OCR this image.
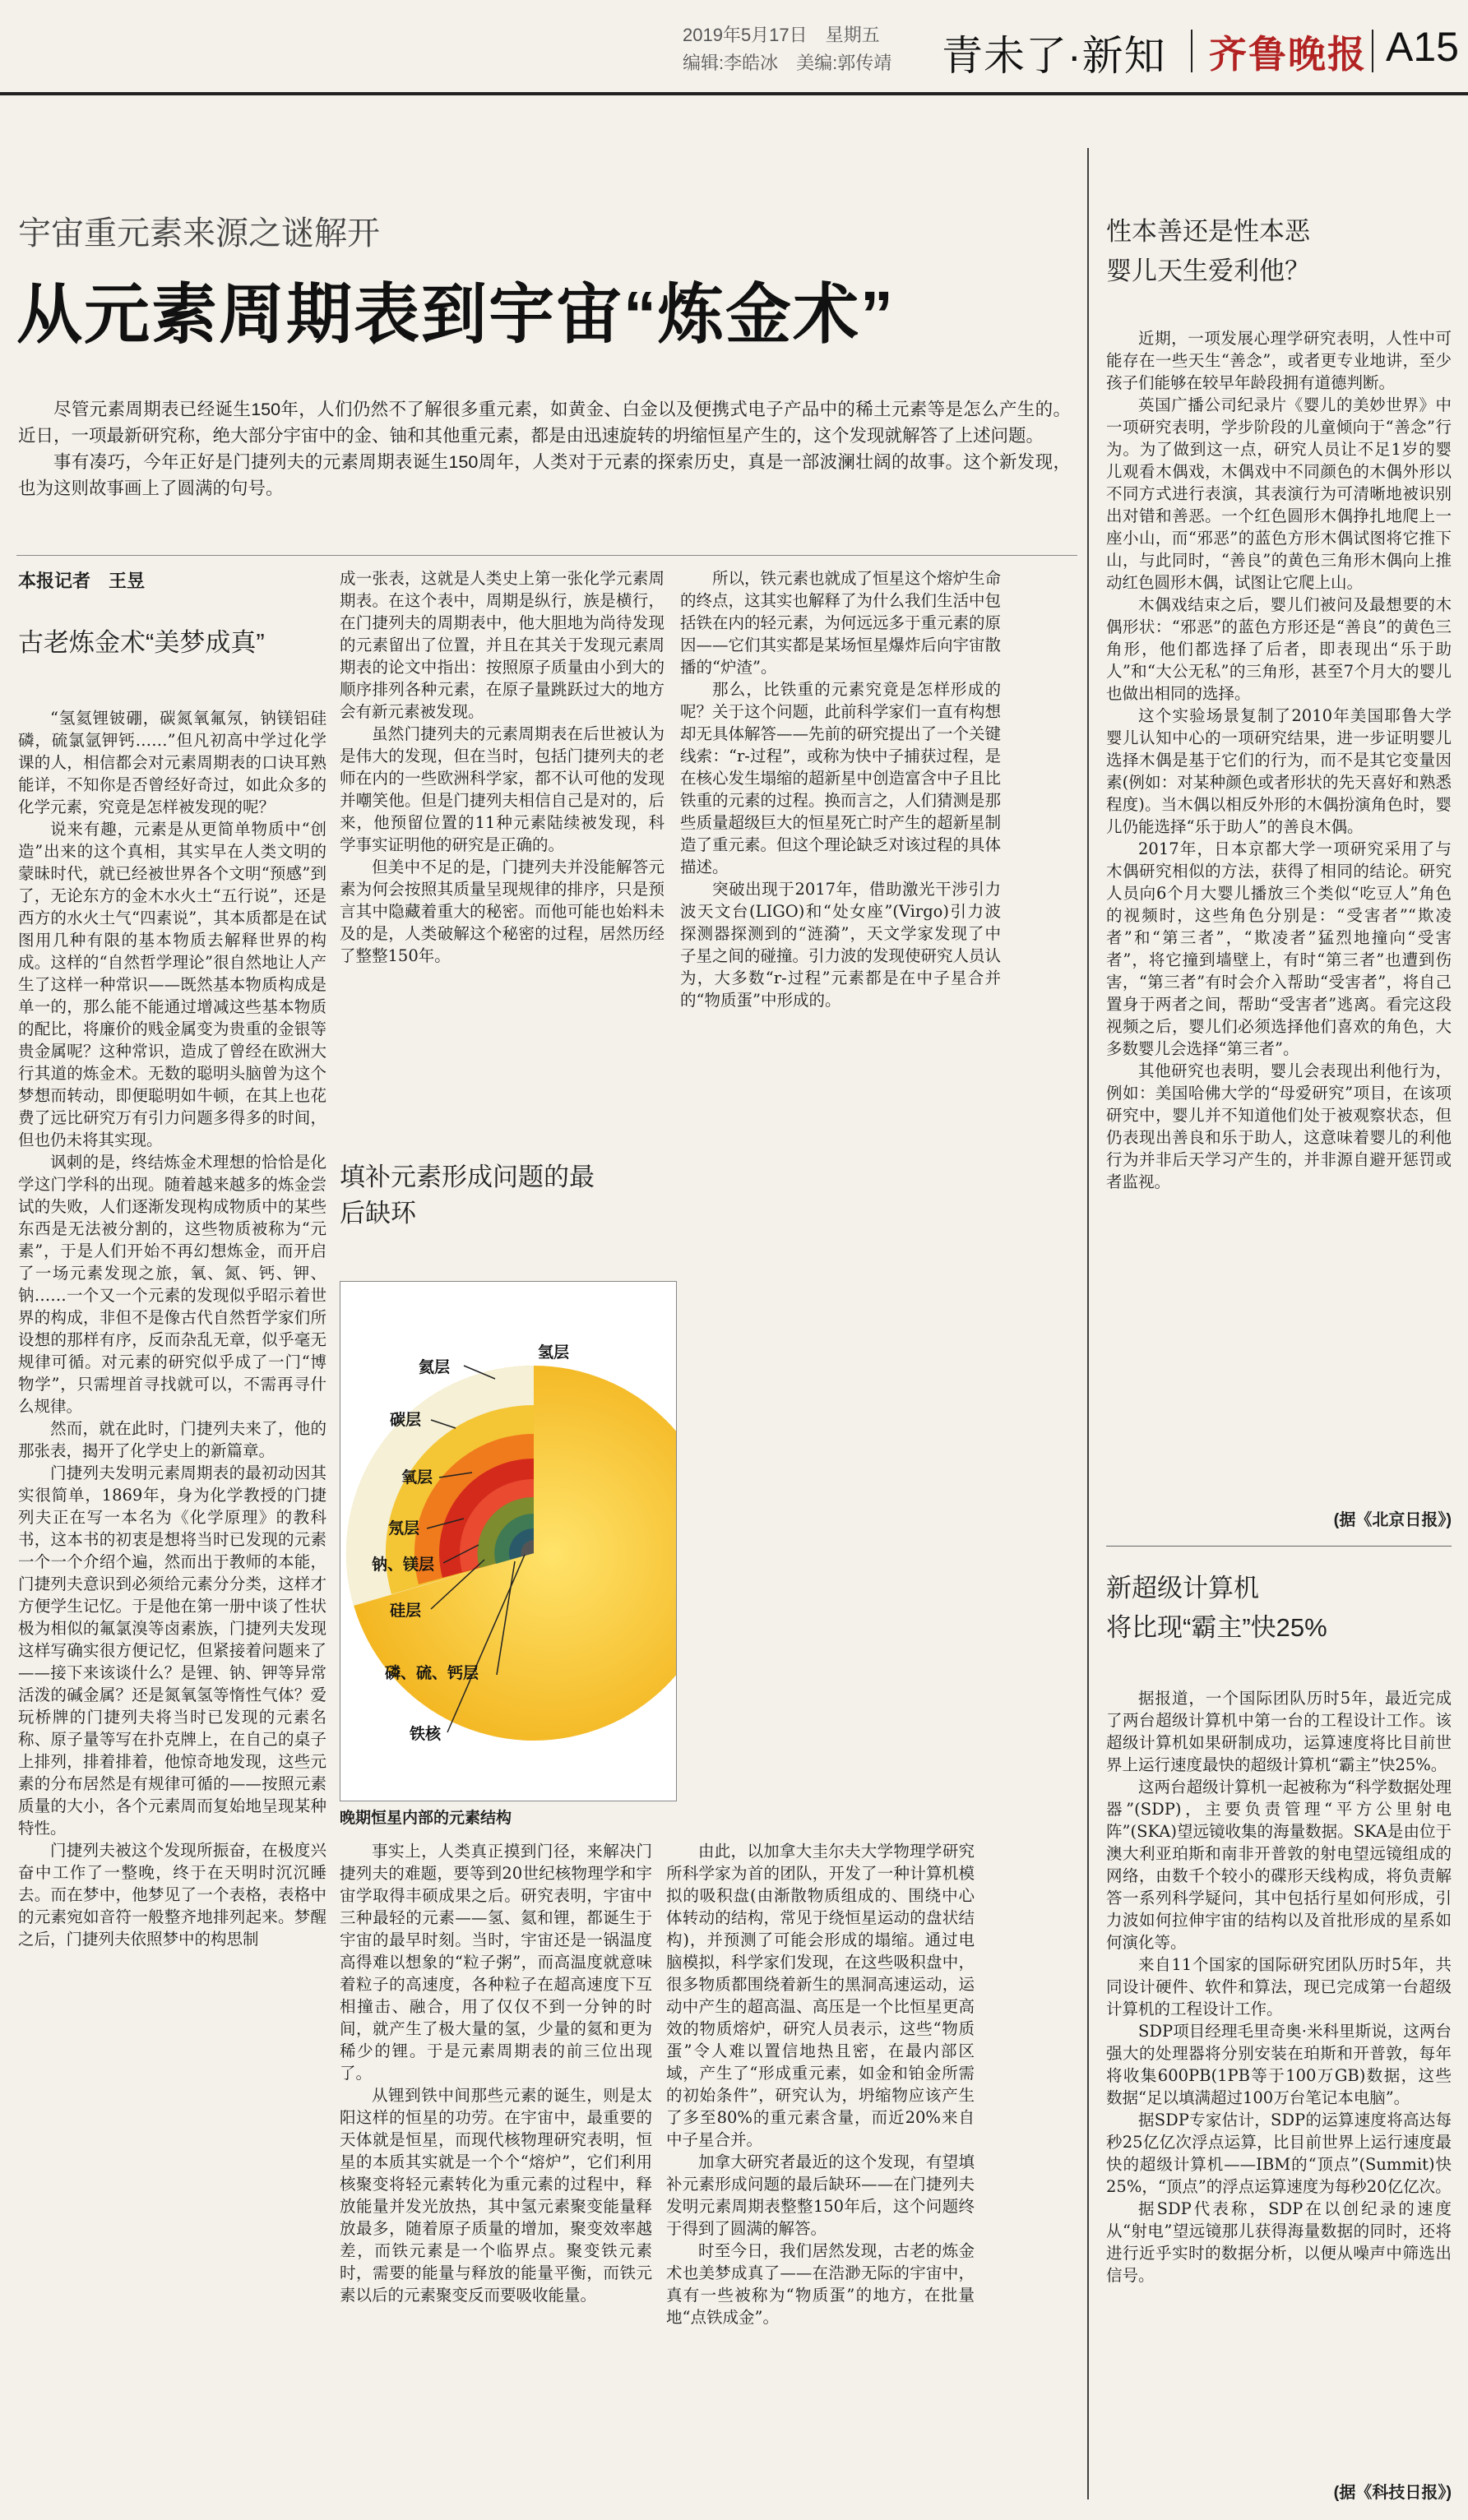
2019年5月17日　星期五
编辑:李皓冰　美编:郭传靖 青未了·新知 齐鲁晚报 A15
宇宙重元素来源之谜解开
从元素周期表到宇宙“炼金术”

尽管元素周期表已经诞生150年，人们仍然不了解很多重元素，如黄金、白金以及便携式电子产品中的稀土元素等是怎么产生的。近日，一项最新研究称，绝大部分宇宙中的金、铀和其他重元素，都是由迅速旋转的坍缩恒星产生的，这个发现就解答了上述问题。

事有凑巧，今年正好是门捷列夫的元素周期表诞生150周年，人类对于元素的探索历史，真是一部波澜壮阔的故事。这个新发现，也为这则故事画上了圆满的句号。

本报记者　王昱
古老炼金术“美梦成真”

“氢氦锂铍硼，碳氮氧氟氖，钠镁铝硅磷，硫氯氩钾钙……”但凡初高中学过化学课的人，相信都会对元素周期表的口诀耳熟能详，不知你是否曾经好奇过，如此众多的化学元素，究竟是怎样被发现的呢？

说来有趣，元素是从更简单物质中“创造”出来的这个真相，其实早在人类文明的蒙昧时代，就已经被世界各个文明“预感”到了，无论东方的金木水火土“五行说”，还是西方的水火土气“四素说”，其本质都是在试图用几种有限的基本物质去解释世界的构成。这样的“自然哲学理论”很自然地让人产生了这样一种常识——既然基本物质构成是单一的，那么能不能通过增减这些基本物质的配比，将廉价的贱金属变为贵重的金银等贵金属呢？这种常识，造成了曾经在欧洲大行其道的炼金术。无数的聪明头脑曾为这个梦想而转动，即便聪明如牛顿，在其上也花费了远比研究万有引力问题多得多的时间，但也仍未将其实现。

讽刺的是，终结炼金术理想的恰恰是化学这门学科的出现。随着越来越多的炼金尝试的失败，人们逐渐发现构成物质中的某些东西是无法被分割的，这些物质被称为“元素”，于是人们开始不再幻想炼金，而开启了一场元素发现之旅，氧、氮、钙、钾、钠……一个又一个元素的发现似乎昭示着世界的构成，非但不是像古代自然哲学家们所设想的那样有序，反而杂乱无章，似乎毫无规律可循。对元素的研究似乎成了一门“博物学”，只需埋首寻找就可以，不需再寻什么规律。

然而，就在此时，门捷列夫来了，他的那张表，揭开了化学史上的新篇章。

门捷列夫发明元素周期表的最初动因其实很简单，1869年，身为化学教授的门捷列夫正在写一本名为《化学原理》的教科书，这本书的初衷是想将当时已发现的元素一个一个介绍个遍，然而出于教师的本能，门捷列夫意识到必须给元素分分类，这样才方便学生记忆。于是他在第一册中谈了性状极为相似的氟氯溴等卤素族，门捷列夫发现这样写确实很方便记忆，但紧接着问题来了——接下来该谈什么？是锂、钠、钾等异常活泼的碱金属？还是氮氧氢等惰性气体？爱玩桥牌的门捷列夫将当时已发现的元素名称、原子量等写在扑克牌上，在自己的桌子上排列，排着排着，他惊奇地发现，这些元素的分布居然是有规律可循的——按照元素质量的大小，各个元素周而复始地呈现某种特性。

门捷列夫被这个发现所振奋，在极度兴奋中工作了一整晚，终于在天明时沉沉睡去。而在梦中，他梦见了一个表格，表格中的元素宛如音符一般整齐地排列起来。梦醒之后，门捷列夫依照梦中的构思制

成一张表，这就是人类史上第一张化学元素周期表。在这个表中，周期是纵行，族是横行，在门捷列夫的周期表中，他大胆地为尚待发现的元素留出了位置，并且在其关于发现元素周期表的论文中指出：按照原子质量由小到大的顺序排列各种元素，在原子量跳跃过大的地方会有新元素被发现。

虽然门捷列夫的元素周期表在后世被认为是伟大的发现，但在当时，包括门捷列夫的老师在内的一些欧洲科学家，都不认可他的发现并嘲笑他。但是门捷列夫相信自己是对的，后来，他预留位置的11种元素陆续被发现，科学事实证明他的研究是正确的。

但美中不足的是，门捷列夫并没能解答元素为何会按照其质量呈现规律的排序，只是预言其中隐藏着重大的秘密。而他可能也始料未及的是，人类破解这个秘密的过程，居然历经了整整150年。

填补元素形成问题的最后缺环

所以，铁元素也就成了恒星这个熔炉生命的终点，这其实也解释了为什么我们生活中包括铁在内的轻元素，为何远远多于重元素的原因——它们其实都是某场恒星爆炸后向宇宙散播的“炉渣”。

那么，比铁重的元素究竟是怎样形成的呢？关于这个问题，此前科学家们一直有构想却无具体解答——先前的研究提出了一个关键线索：“r-过程”，或称为快中子捕获过程，是在核心发生塌缩的超新星中创造富含中子且比铁重的元素的过程。换而言之，人们猜测是那些质量超级巨大的恒星死亡时产生的超新星制造了重元素。但这个理论缺乏对该过程的具体描述。

突破出现于2017年，借助激光干涉引力波天文台(LIGO)和“处女座”(Virgo)引力波探测器探测到的“涟漪”，天文学家发现了中子星之间的碰撞。引力波的发现使研究人员认为，大多数“r-过程”元素都是在中子星合并的“物质蛋”中形成的。

氢层
氦层
碳层
氧层
氖层
钠、镁层
硅层
磷、硫、钙层
铁核
晚期恒星内部的元素结构

事实上，人类真正摸到门径，来解决门捷列夫的难题，要等到20世纪核物理学和宇宙学取得丰硕成果之后。研究表明，宇宙中三种最轻的元素——氢、氦和锂，都诞生于宇宙的最早时刻。当时，宇宙还是一锅温度高得难以想象的“粒子粥”，而高温度就意味着粒子的高速度，各种粒子在超高速度下互相撞击、融合，用了仅仅不到一分钟的时间，就产生了极大量的氢，少量的氦和更为稀少的锂。于是元素周期表的前三位出现了。

从锂到铁中间那些元素的诞生，则是太阳这样的恒星的功劳。在宇宙中，最重要的天体就是恒星，而现代核物理研究表明，恒星的本质其实就是一个个“熔炉”，它们利用核聚变将轻元素转化为重元素的过程中，释放能量并发光放热，其中氢元素聚变能量释放最多，随着原子质量的增加，聚变效率越差，而铁元素是一个临界点。聚变铁元素时，需要的能量与释放的能量平衡，而铁元素以后的元素聚变反而要吸收能量。

由此，以加拿大圭尔夫大学物理学研究所科学家为首的团队，开发了一种计算机模拟的吸积盘(由渐散物质组成的、围绕中心体转动的结构，常见于绕恒星运动的盘状结构)，并预测了可能会形成的塌缩。通过电脑模拟，科学家们发现，在这些吸积盘中，很多物质都围绕着新生的黑洞高速运动，运动中产生的超高温、高压是一个比恒星更高效的物质熔炉，研究人员表示，这些“物质蛋”令人难以置信地热且密，在最内部区域，产生了“形成重元素，如金和铂金所需的初始条件”，研究认为，坍缩物应该产生了多至80%的重元素含量，而近20%来自中子星合并。

加拿大研究者最近的这个发现，有望填补元素形成问题的最后缺环——在门捷列夫发明元素周期表整整150年后，这个问题终于得到了圆满的解答。

时至今日，我们居然发现，古老的炼金术也美梦成真了——在浩渺无际的宇宙中，真有一些被称为“物质蛋”的地方，在批量地“点铁成金”。

性本善还是性本恶
婴儿天生爱利他？

近期，一项发展心理学研究表明，人性中可能存在一些天生“善念”，或者更专业地讲，至少孩子们能够在较早年龄段拥有道德判断。

英国广播公司纪录片《婴儿的美妙世界》中一项研究表明，学步阶段的儿童倾向于“善念”行为。为了做到这一点，研究人员让不足1岁的婴儿观看木偶戏，木偶戏中不同颜色的木偶外形以不同方式进行表演，其表演行为可清晰地被识别出对错和善恶。一个红色圆形木偶挣扎地爬上一座小山，而“邪恶”的蓝色方形木偶试图将它推下山，与此同时，“善良”的黄色三角形木偶向上推动红色圆形木偶，试图让它爬上山。

木偶戏结束之后，婴儿们被问及最想要的木偶形状：“邪恶”的蓝色方形还是“善良”的黄色三角形，他们都选择了后者，即表现出“乐于助人”和“大公无私”的三角形，甚至7个月大的婴儿也做出相同的选择。

这个实验场景复制了2010年美国耶鲁大学婴儿认知中心的一项研究结果，进一步证明婴儿选择木偶是基于它们的行为，而不是其它变量因素(例如：对某种颜色或者形状的先天喜好和熟悉程度)。当木偶以相反外形的木偶扮演角色时，婴儿仍能选择“乐于助人”的善良木偶。

2017年，日本京都大学一项研究采用了与木偶研究相似的方法，获得了相同的结论。研究人员向6个月大婴儿播放三个类似“吃豆人”角色的视频时，这些角色分别是：“受害者”“欺凌者”和“第三者”，“欺凌者”猛烈地撞向“受害者”，将它撞到墙壁上，有时“第三者”也遭到伤害，“第三者”有时会介入帮助“受害者”，将自己置身于两者之间，帮助“受害者”逃离。看完这段视频之后，婴儿们必须选择他们喜欢的角色，大多数婴儿会选择“第三者”。

其他研究也表明，婴儿会表现出利他行为，例如：美国哈佛大学的“母爱研究”项目，在该项研究中，婴儿并不知道他们处于被观察状态，但仍表现出善良和乐于助人，这意味着婴儿的利他行为并非后天学习产生的，并非源自避开惩罚或者监视。

(据《北京日报》)
新超级计算机
将比现“霸主”快25%

据报道，一个国际团队历时5年，最近完成了两台超级计算机中第一台的工程设计工作。该超级计算机如果研制成功，运算速度将比目前世界上运行速度最快的超级计算机“霸主”快25%。

这两台超级计算机一起被称为“科学数据处理器”(SDP)，主要负责管理“平方公里射电阵”(SKA)望远镜收集的海量数据。SKA是由位于澳大利亚珀斯和南非开普敦的射电望远镜组成的网络，由数千个较小的碟形天线构成，将负责解答一系列科学疑问，其中包括行星如何形成，引力波如何拉伸宇宙的结构以及首批形成的星系如何演化等。

来自11个国家的国际研究团队历时5年，共同设计硬件、软件和算法，现已完成第一台超级计算机的工程设计工作。

SDP项目经理毛里奇奥·米科里斯说，这两台强大的处理器将分别安装在珀斯和开普敦，每年将收集600PB(1PB等于100万GB)数据，这些数据“足以填满超过100万台笔记本电脑”。

据SDP专家估计，SDP的运算速度将高达每秒25亿亿次浮点运算，比目前世界上运行速度最快的超级计算机——IBM的“顶点”(Summit)快25%，“顶点”的浮点运算速度为每秒20亿亿次。

据SDP代表称，SDP在以创纪录的速度从“射电”望远镜那儿获得海量数据的同时，还将进行近乎实时的数据分析，以便从噪声中筛选出信号。

(据《科技日报》)
